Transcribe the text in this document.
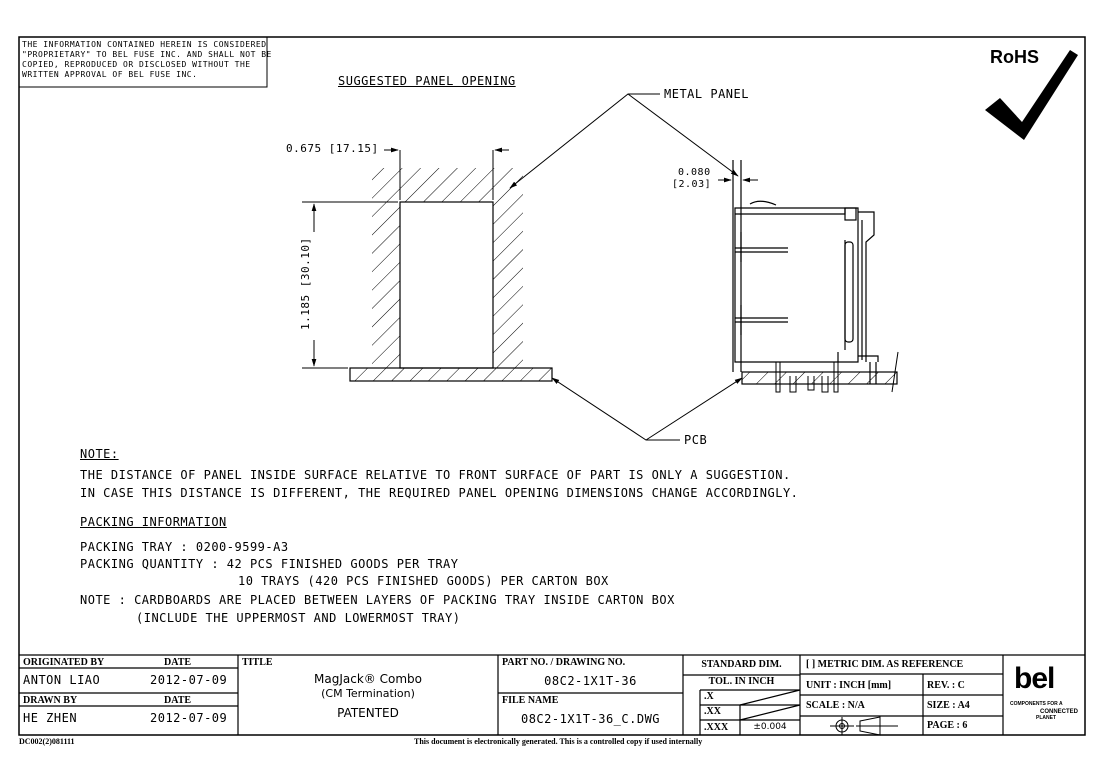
THE INFORMATION CONTAINED HEREIN IS CONSIDERED
"PROPRIETARY" TO BEL FUSE INC. AND SHALL NOT BE
COPIED, REPRODUCED OR DISCLOSED WITHOUT THE
WRITTEN APPROVAL OF BEL FUSE INC.
RoHS
SUGGESTED PANEL OPENING
METAL PANEL
PCB
0.675 [17.15]
1.185 [30.10]
0.080
[2.03]
NOTE:
THE DISTANCE OF PANEL INSIDE SURFACE RELATIVE TO FRONT SURFACE OF PART IS ONLY A SUGGESTION.
IN CASE THIS DISTANCE IS DIFFERENT, THE REQUIRED PANEL OPENING DIMENSIONS CHANGE ACCORDINGLY.
PACKING INFORMATION
PACKING TRAY : 0200-9599-A3
PACKING QUANTITY : 42 PCS FINISHED GOODS PER TRAY
10 TRAYS (420 PCS FINISHED GOODS) PER CARTON BOX
NOTE : CARDBOARDS ARE PLACED BETWEEN LAYERS OF PACKING TRAY INSIDE CARTON BOX
(INCLUDE THE UPPERMOST AND LOWERMOST TRAY)
ORIGINATED BY	DATE
ANTON LIAO	2012-07-09
DRAWN BY	DATE
HE ZHEN	2012-07-09
TITLE
MagJack® Combo
(CM Termination)
PATENTED
PART NO. / DRAWING NO.
08C2-1X1T-36
FILE NAME
08C2-1X1T-36_C.DWG
STANDARD DIM.
TOL. IN INCH
.X
.XX
.XXX	±0.004
[ ] METRIC DIM. AS REFERENCE
UNIT : INCH [mm]	REV. : C
SCALE : N/A	SIZE : A4
PAGE : 6
bel
COMPONENTS FOR A
CONNECTED
PLANET
DC002(2)081111	This document is electronically generated. This is a controlled copy if used internally
